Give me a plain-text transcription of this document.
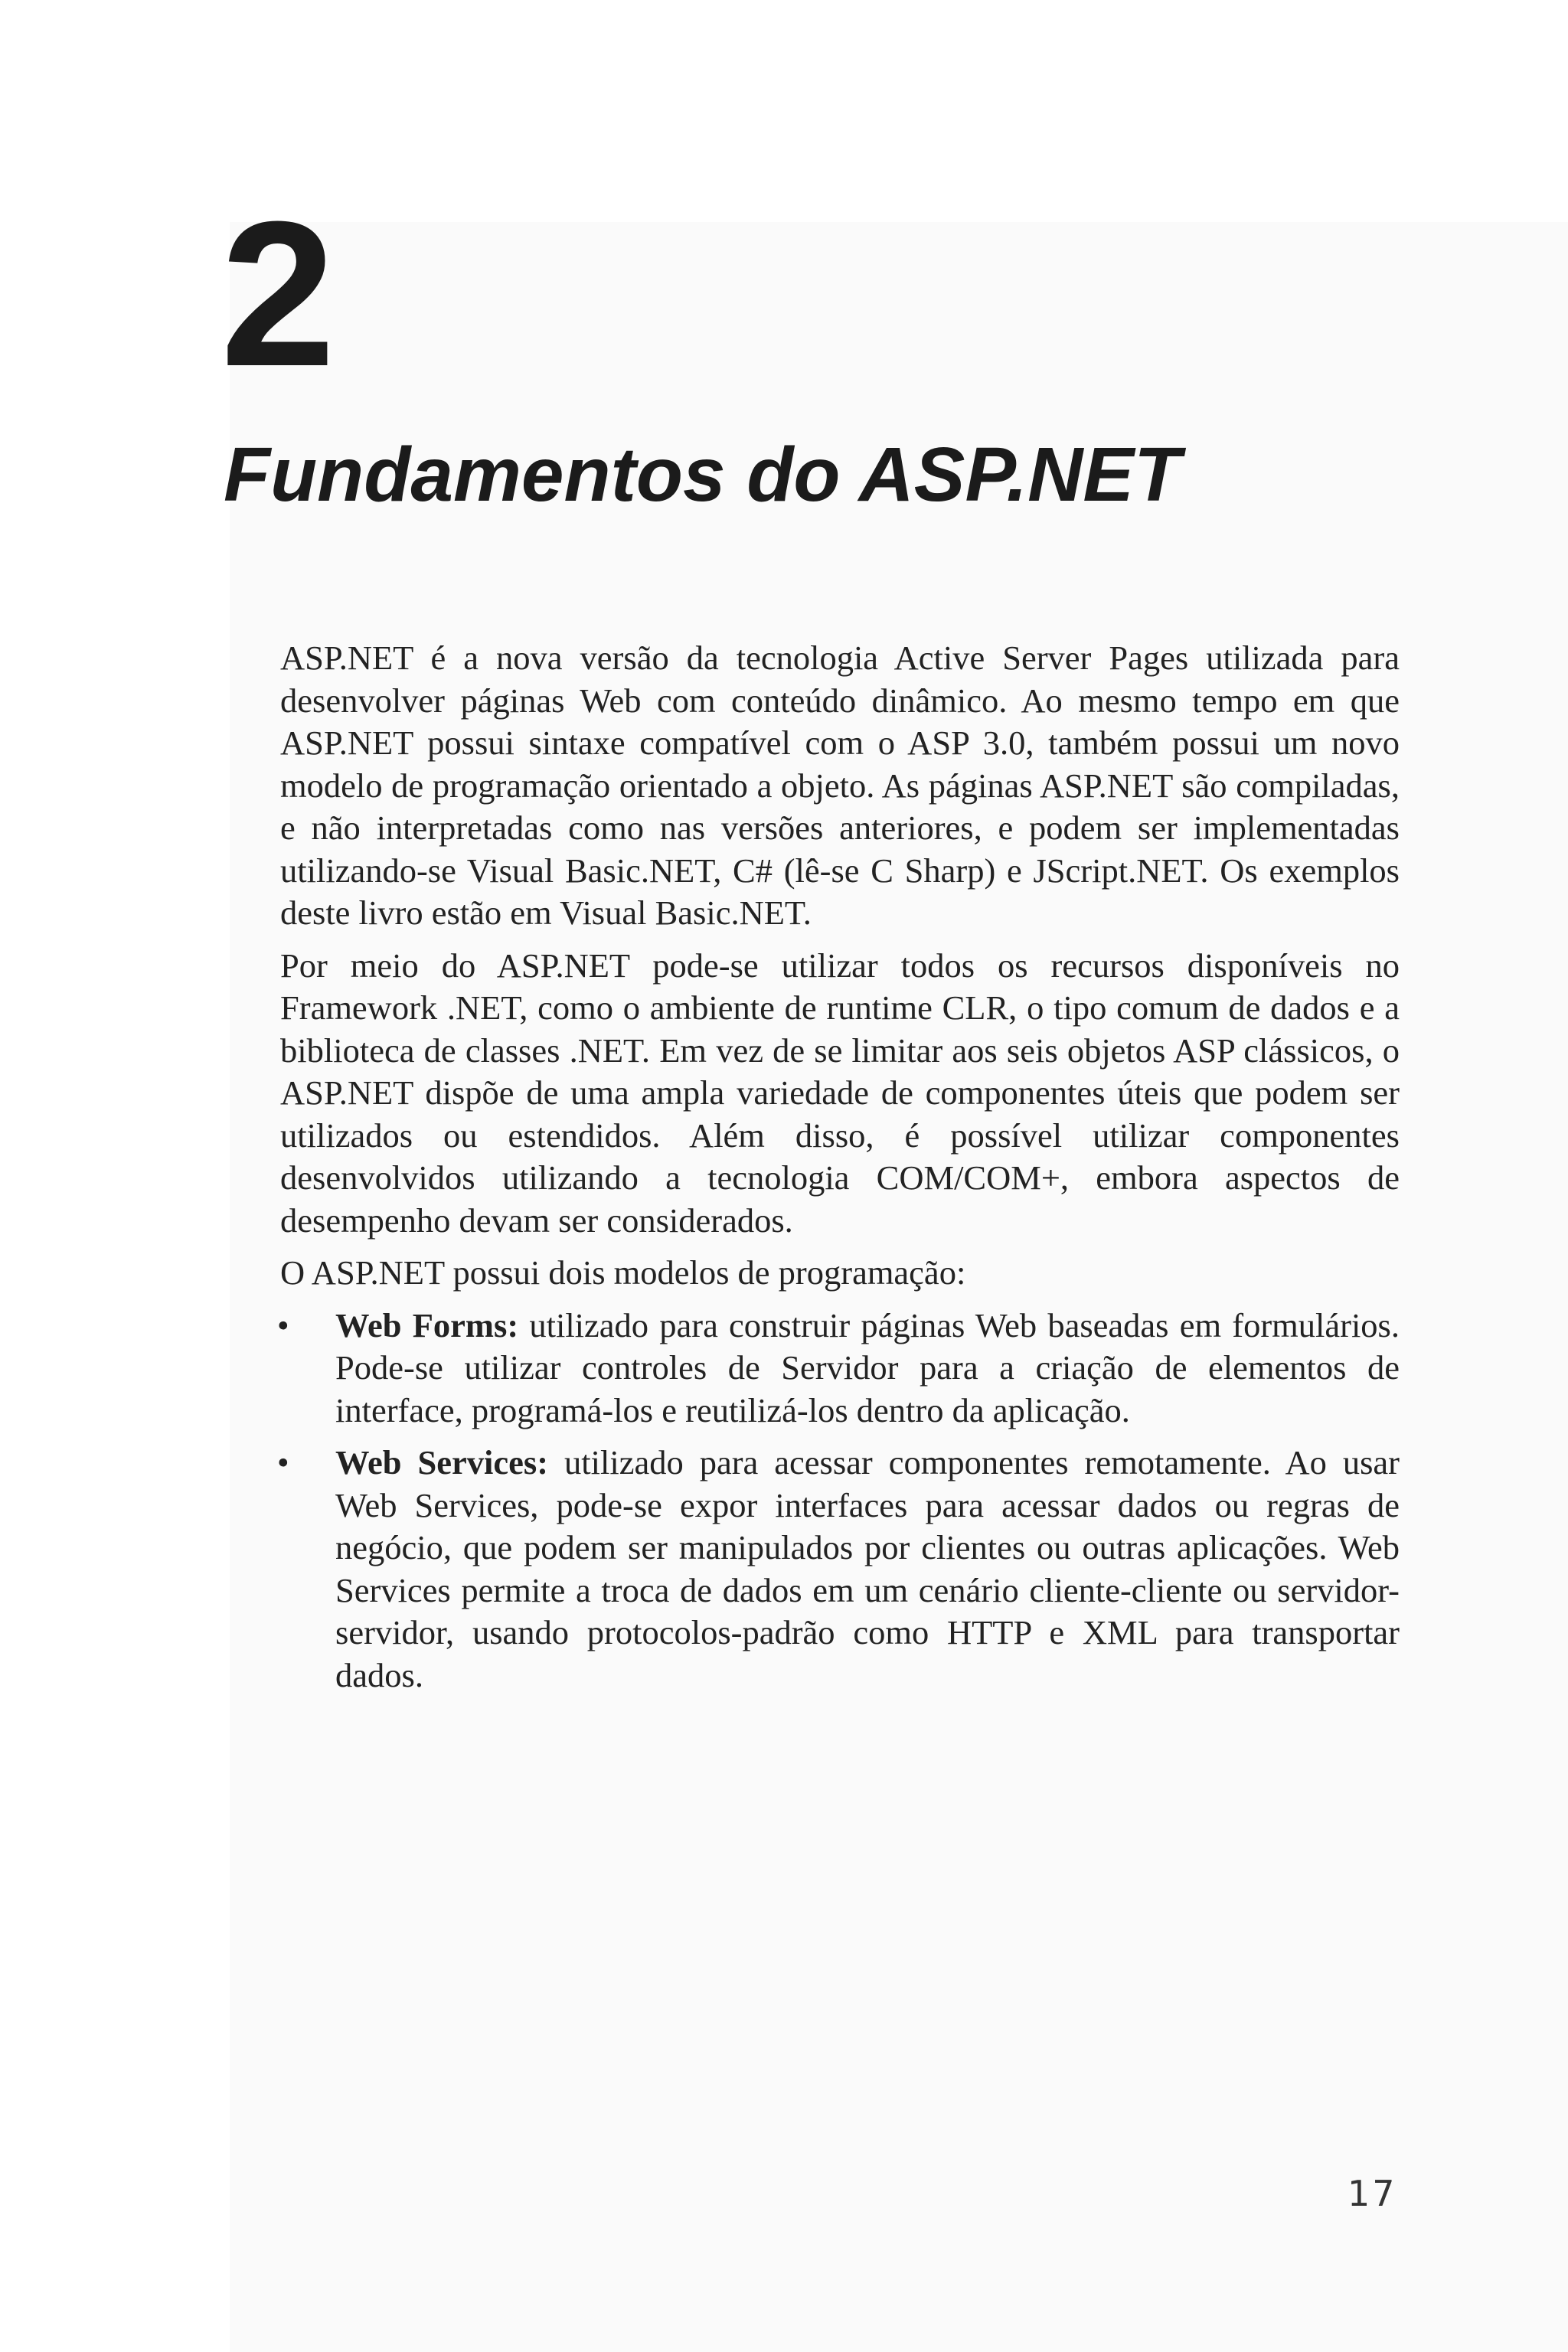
2
Fundamentos do ASP.NET

ASP.NET é a nova versão da tecnologia Active Server Pages utilizada para desenvolver páginas Web com conteúdo dinâmico. Ao mesmo tempo em que ASP.NET possui sintaxe compatível com o ASP 3.0, também possui um novo modelo de programação orientado a objeto. As páginas ASP.NET são compiladas, e não interpretadas como nas versões anteriores, e podem ser implementadas utilizando-se Visual Basic.NET, C# (lê-se C Sharp) e JScript.NET. Os exemplos deste livro estão em Visual Basic.NET.

Por meio do ASP.NET pode-se utilizar todos os recursos disponíveis no Framework .NET, como o ambiente de runtime CLR, o tipo comum de dados e a biblioteca de classes .NET. Em vez de se limitar aos seis objetos ASP clássicos, o ASP.NET dispõe de uma ampla variedade de componentes úteis que podem ser utilizados ou estendidos. Além disso, é possível utilizar componentes desenvolvidos utilizando a tecnologia COM/COM+, embora aspectos de desempenho devam ser considerados.

O ASP.NET possui dois modelos de programação:

• Web Forms: utilizado para construir páginas Web baseadas em formulários. Pode-se utilizar controles de Servidor para a criação de elementos de interface, programá-los e reutilizá-los dentro da aplicação.
• Web Services: utilizado para acessar componentes remotamente. Ao usar Web Services, pode-se expor interfaces para acessar dados ou regras de negócio, que podem ser manipulados por clientes ou outras aplicações. Web Services permite a troca de dados em um cenário cliente-cliente ou servidor-servidor, usando protocolos-padrão como HTTP e XML para transportar dados.
17
